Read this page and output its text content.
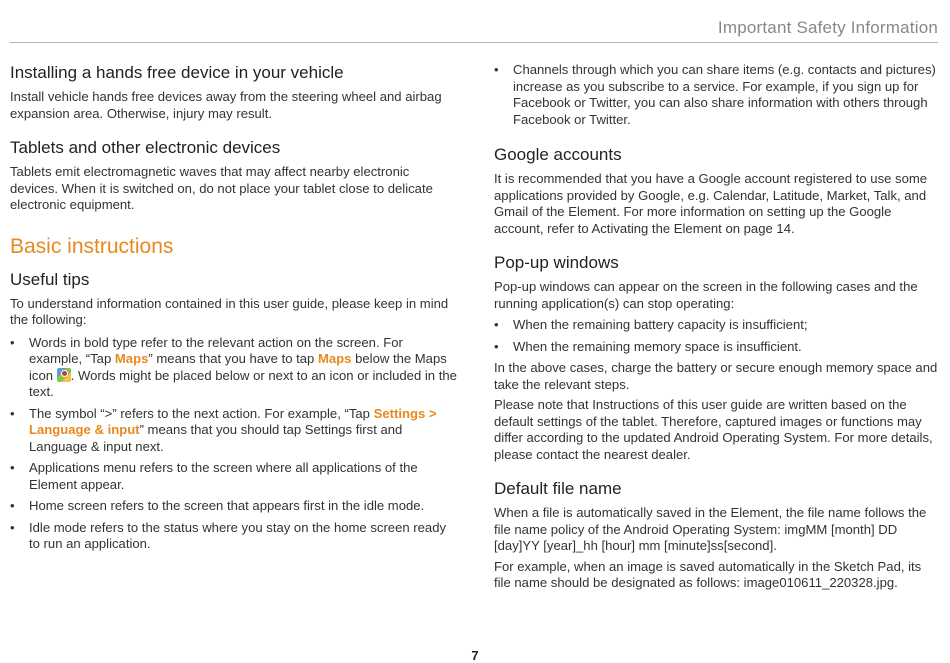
Important Safety Information
Installing a hands free device in your vehicle

Install vehicle hands free devices away from the steering wheel and airbag expansion area. Otherwise, injury may result.

Tablets and other electronic devices

Tablets emit electromagnetic waves that may affect nearby electronic devices. When it is switched on, do not place your tablet close to delicate electronic equipment.

Basic instructions
Useful tips

To understand information contained in this user guide, please keep in mind the following:

• Words in bold type refer to the relevant action on the screen. For example, “Tap Maps” means that you have to tap Maps below the Maps icon . Words might be placed below or next to an icon or included in the text.
• The symbol “>” refers to the next action. For example, “Tap Settings > Language & input” means that you should tap Settings first and Language & input next.
• Applications menu refers to the screen where all applications of the Element appear.
• Home screen refers to the screen that appears first in the idle mode.
• Idle mode refers to the status where you stay on the home screen ready to run an application.
• Channels through which you can share items (e.g. contacts and pictures) increase as you subscribe to a service. For example, if you sign up for Facebook or Twitter, you can also share information with others through Facebook or Twitter.
Google accounts

It is recommended that you have a Google account registered to use some applications provided by Google, e.g. Calendar, Latitude, Market, Talk, and Gmail of the Element. For more information on setting up the Google account, refer to Activating the Element on page 14.

Pop-up windows

Pop-up windows can appear on the screen in the following cases and the running application(s) can stop operating:

• When the remaining battery capacity is insufficient;
• When the remaining memory space is insufficient.

In the above cases, charge the battery or secure enough memory space and take the relevant steps.

Please note that Instructions of this user guide are written based on the default settings of the tablet. Therefore, captured images or functions may differ according to the updated Android Operating System. For more details, please contact the nearest dealer.

Default file name

When a file is automatically saved in the Element, the file name follows the file name policy of the Android Operating System: imgMM [month] DD [day]YY [year]_hh [hour] mm [minute]ss[second].

For example, when an image is saved automatically in the Sketch Pad, its file name should be designated as follows: image010611_220328.jpg.

7
